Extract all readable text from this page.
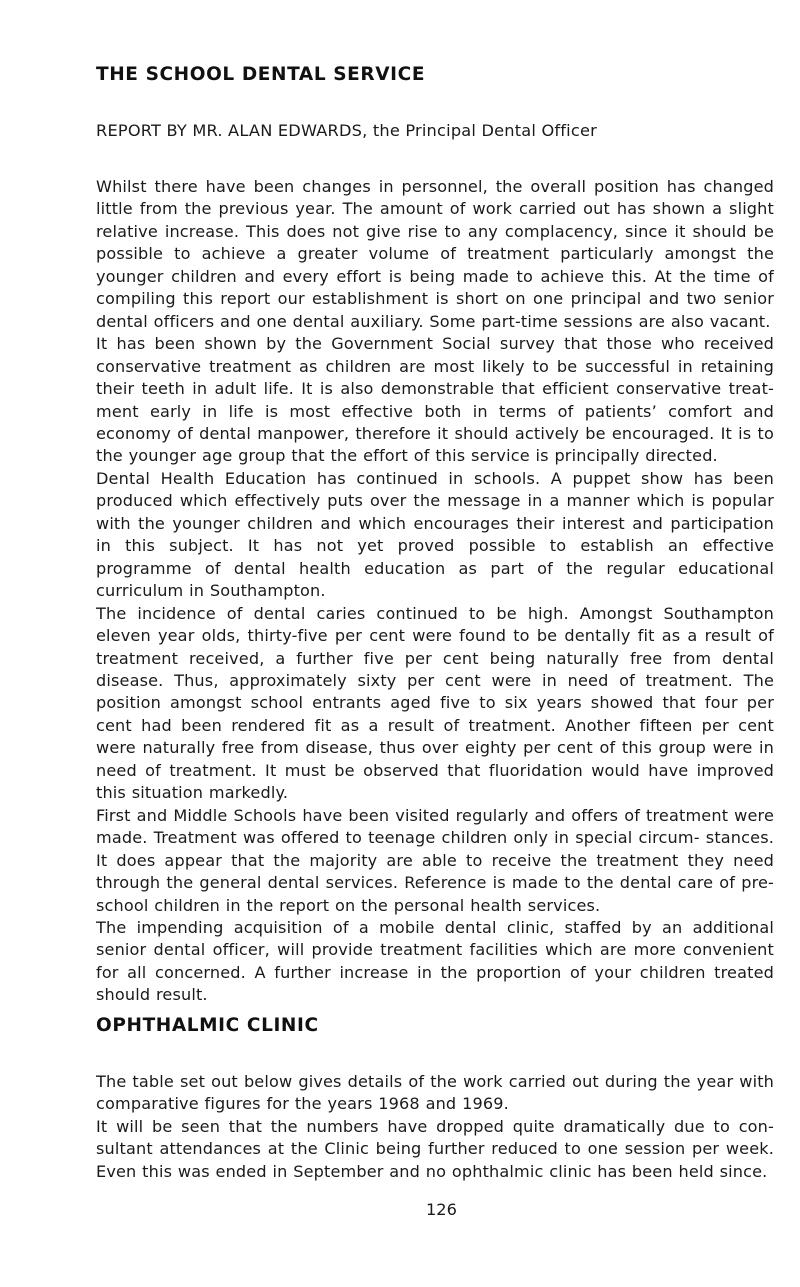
THE SCHOOL DENTAL SERVICE

REPORT BY MR. ALAN EDWARDS, the Principal Dental Officer

Whilst there have been changes in personnel, the overall position has changed little from the previous year. The amount of work carried out has shown a slight relative increase. This does not give rise to any complacency, since it should be possible to achieve a greater volume of treatment particularly amongst the younger children and every effort is being made to achieve this. At the time of compiling this report our establishment is short on one principal and two senior dental officers and one dental auxiliary. Some part-time sessions are also vacant.

It has been shown by the Government Social survey that those who received conservative treatment as children are most likely to be successful in retaining their teeth in adult life. It is also demonstrable that efficient conservative treat- ment early in life is most effective both in terms of patients’ comfort and economy of dental manpower, therefore it should actively be encouraged. It is to the younger age group that the effort of this service is principally directed.

Dental Health Education has continued in schools. A puppet show has been produced which effectively puts over the message in a manner which is popular with the younger children and which encourages their interest and participation in this subject. It has not yet proved possible to establish an effective programme of dental health education as part of the regular educational curriculum in Southampton.

The incidence of dental caries continued to be high. Amongst Southampton eleven year olds, thirty-five per cent were found to be dentally fit as a result of treatment received, a further five per cent being naturally free from dental disease. Thus, approximately sixty per cent were in need of treatment. The position amongst school entrants aged five to six years showed that four per cent had been rendered fit as a result of treatment. Another fifteen per cent were naturally free from disease, thus over eighty per cent of this group were in need of treatment. It must be observed that fluoridation would have improved this situation markedly.

First and Middle Schools have been visited regularly and offers of treatment were made. Treatment was offered to teenage children only in special circum- stances. It does appear that the majority are able to receive the treatment they need through the general dental services. Reference is made to the dental care of pre-school children in the report on the personal health services.

The impending acquisition of a mobile dental clinic, staffed by an additional senior dental officer, will provide treatment facilities which are more convenient for all concerned. A further increase in the proportion of your children treated should result.

OPHTHALMIC CLINIC

The table set out below gives details of the work carried out during the year with comparative figures for the years 1968 and 1969.

It will be seen that the numbers have dropped quite dramatically due to con- sultant attendances at the Clinic being further reduced to one session per week. Even this was ended in September and no ophthalmic clinic has been held since.

126
